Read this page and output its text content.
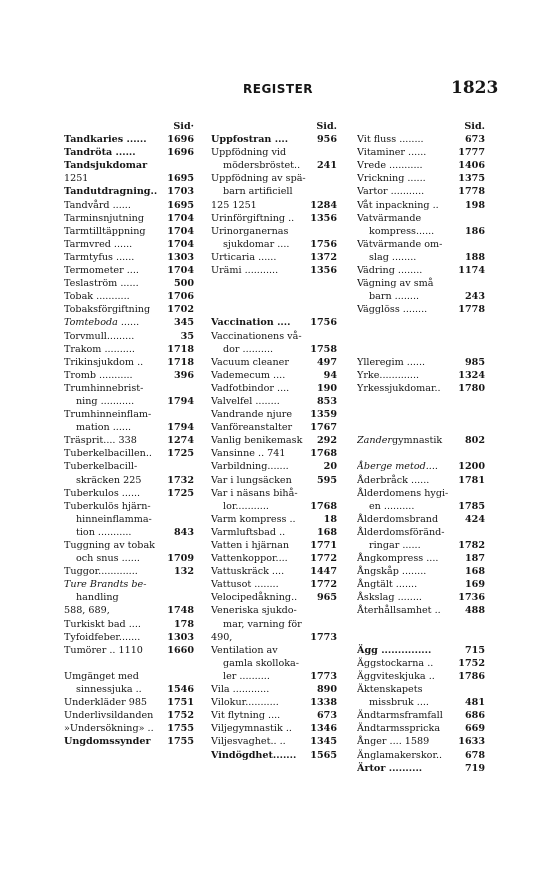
REGISTER	1823
Sid·
Tandkaries ......	1696
Tandröta ......	1696
Tandsjukdomar
1251	1695
Tandutdragning..	1703
Tandvård ......	1695
Tarminsnjutning	1704
Tarmtilltäppning	1704
Tarmvred ......	1704
Tarmtyfus ......	1303
Termometer ....	1704
Teslaström ......	500
Tobak ...........	1706
Tobaksförgiftning	1702
Tomteboda ......	345
Torvmull.........	35
Trakom ..........	1718
Trikinsjukdom ..	1718
Tromb ...........	396
Trumhinnebrist-
ning ...........	1794
Trumhinneinflam-
mation ......	1794
Träsprit.... 338	1274
Tuberkelbacillen..	1725
Tuberkelbacill-
skräcken 225	1732
Tuberkulos ......	1725
Tuberkulös hjärn-
hinneinflamma-
tion ...........	843
Tuggning av tobak
och snus ......	1709
Tuggor.............	132
Ture Brandts be-
handling
588, 689,	1748
Turkiskt bad ....	178
Tyfoidfeber.......	1303
Tumörer .. 1110	1660
Umgänget med
sinnessjuka ..	1546
Underkläder 985	1751
Underlivsildanden	1752
»Undersökning» ..	1755
Ungdomssynder	1755
Sid.
Uppfostran ....	956
Uppfödning vid
mödersbröstet..	241
Uppfödning av spä-
barn artificiell
125 1251	1284
Urinförgiftning ..	1356
Urinorganernas
sjukdomar ....	1756
Urticaria ......	1372
Urämi ...........	1356
Vaccination ....	1756
Vaccinationens vå-
dor ..........	1758
Vacuum cleaner	497
Vademecum ....	94
Vadfotbindor ....	190
Valvelfel ........	853
Vandrande njure	1359
Vanföreanstalter	1767
Vanlig benikemask	292
Vansinne .. 741	1768
Varbildning.......	20
Var i lungsäcken	595
Var i näsans bihå-
lor...........	1768
Varm kompress ..	18
Varmluftsbad ..	168
Vatten i hjärnan	1771
Vattenkoppor....	1772
Vattuskräck ....	1447
Vattusot ........	1772
Velocipedåkning..	965
Veneriska sjukdo-
mar, varning för
490,	1773
Ventilation av
gamla skolloka-
ler ..........	1773
Vila ............	890
Vilokur...........	1338
Vit flytning ....	673
Viljegymnastik ..	1346
Viljesvaghet.. ..	1345
Vindögdhet.......	1565
Sid.
Vit fluss ........	673
Vitaminer ......	1777
Vrede ...........	1406
Vrickning ......	1375
Vartor ...........	1778
Våt inpackning ..	198
Vatvärmande
kompress......	186
Vätvärmande om-
slag ........	188
Vädring ........	1174
Vägning av små
barn ........	243
Vägglöss ........	1778
Ylleregim ......	985
Yrke.............	1324
Yrkessjukdomar..	1780
Zandergymnastik	802
Åberge metod....	1200
Åderbråck ......	1781
Ålderdomens hygi-
en ..........	1785
Ålderdomsbrand	424
Ålderdomsföränd-
ringar ......	1782
Ångkompress ....	187
Ångskåp ........	168
Ångtält .......	169
Åskslag ........	1736
Återhållsamhet ..	488
Ägg ...............	715
Äggstockarna ..	1752
Äggviteskjuka ..	1786
Äktenskapets
missbruk ....	481
Ändtarmsframfall	686
Ändtarmsspricka	669
Ånger .... 1589	1633
Änglamakerskor..	678
Ärtor ..........	719
